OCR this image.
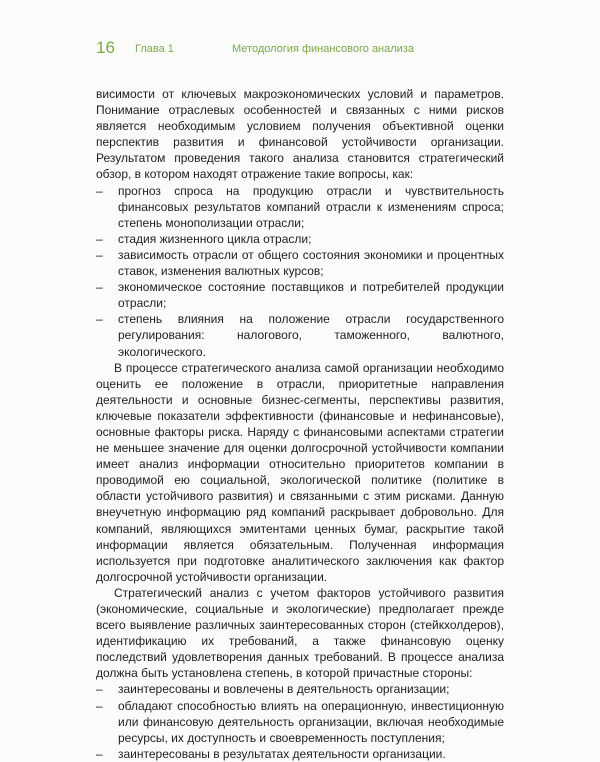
16 Глава 1	Методология финансового анализа

висимости от ключевых макроэкономических условий и параметров. Понимание отраслевых особенностей и связанных с ними рисков является необходимым условием получения объективной оценки перспектив развития и финансовой устойчивости организации. Результатом проведения такого анализа становится стратегический обзор, в котором находят отражение такие вопросы, как:

– прогноз спроса на продукцию отрасли и чувствительность финансовых результатов компаний отрасли к изменениям спроса; степень монополизации отрасли;
– стадия жизненного цикла отрасли;
– зависимость отрасли от общего состояния экономики и процентных ставок, изменения валютных курсов;
– экономическое состояние поставщиков и потребителей продукции отрасли;
– степень влияния на положение отрасли государственного регулирования: налогового, таможенного, валютного, экологического.

В процессе стратегического анализа самой организации необходимо оценить ее положение в отрасли, приоритетные направления деятельности и основные бизнес-сегменты, перспективы развития, ключевые показатели эффективности (финансовые и нефинансовые), основные факторы риска. Наряду с финансовыми аспектами стратегии не меньшее значение для оценки долгосрочной устойчивости компании имеет анализ информации относительно приоритетов компании в проводимой ею социальной, экологической политике (политике в области устойчивого развития) и связанными с этим рисками. Данную внеучетную информацию ряд компаний раскрывает добровольно. Для компаний, являющихся эмитентами ценных бумаг, раскрытие такой информации является обязательным. Полученная информация используется при подготовке аналитического заключения как фактор долгосрочной устойчивости организации.

Стратегический анализ с учетом факторов устойчивого развития (экономические, социальные и экологические) предполагает прежде всего выявление различных заинтересованных сторон (стейкхолдеров), идентификацию их требований, а также финансовую оценку последствий удовлетворения данных требований. В процессе анализа должна быть установлена степень, в которой причастные стороны:

– заинтересованы и вовлечены в деятельность организации;
– обладают способностью влиять на операционную, инвестиционную или финансовую деятельность организации, включая необходимые ресурсы, их доступность и своевременность поступления;
– заинтересованы в результатах деятельности организации.
